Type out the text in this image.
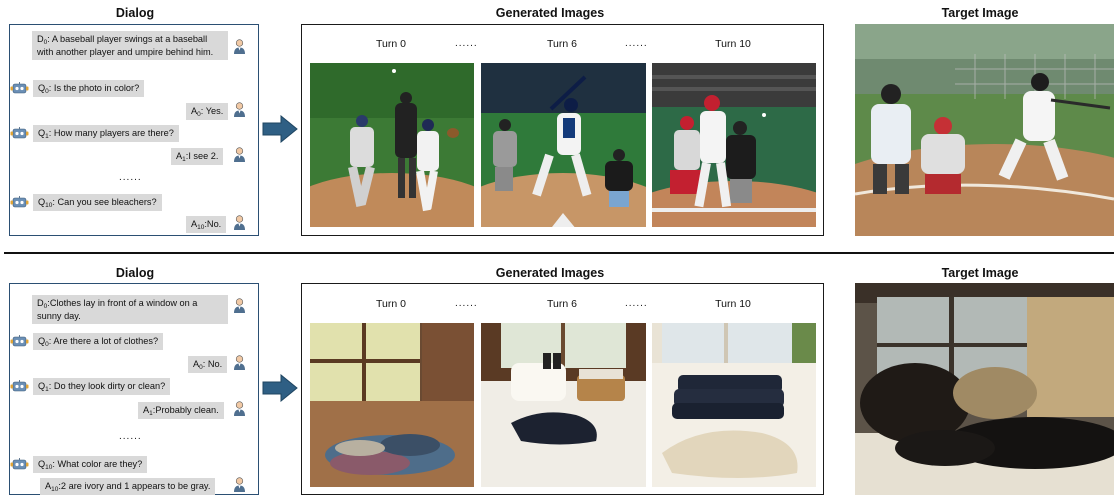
Dialog	Generated Images	Target Image
$D_0$: A baseball player swings at a baseball with another player and umpire behind him.
$Q_0$: Is the photo in color?
$A_0$: Yes.
$Q_1$: How many players are there?
$A_1:I$ see 2.
......
$Q_{10}$: Can you see bleachers?
$A_{10}:No$.
Turn 0	......	Turn 6	......	Turn 10
Dialog	Generated Images	Target Image
$D_0:Clothes$ lay in front of a window on a sunny day.
$Q_0$: Are there a lot of clothes?
$A_0$: No.
$Q_1$: Do they look dirty or clean?
$A_1:Probably$ clean.
......
$Q_{10}$: What color are they?
$A_{10}:2$ are ivory and 1 appears to be gray.
Turn 0	......	Turn 6	......	Turn 10
